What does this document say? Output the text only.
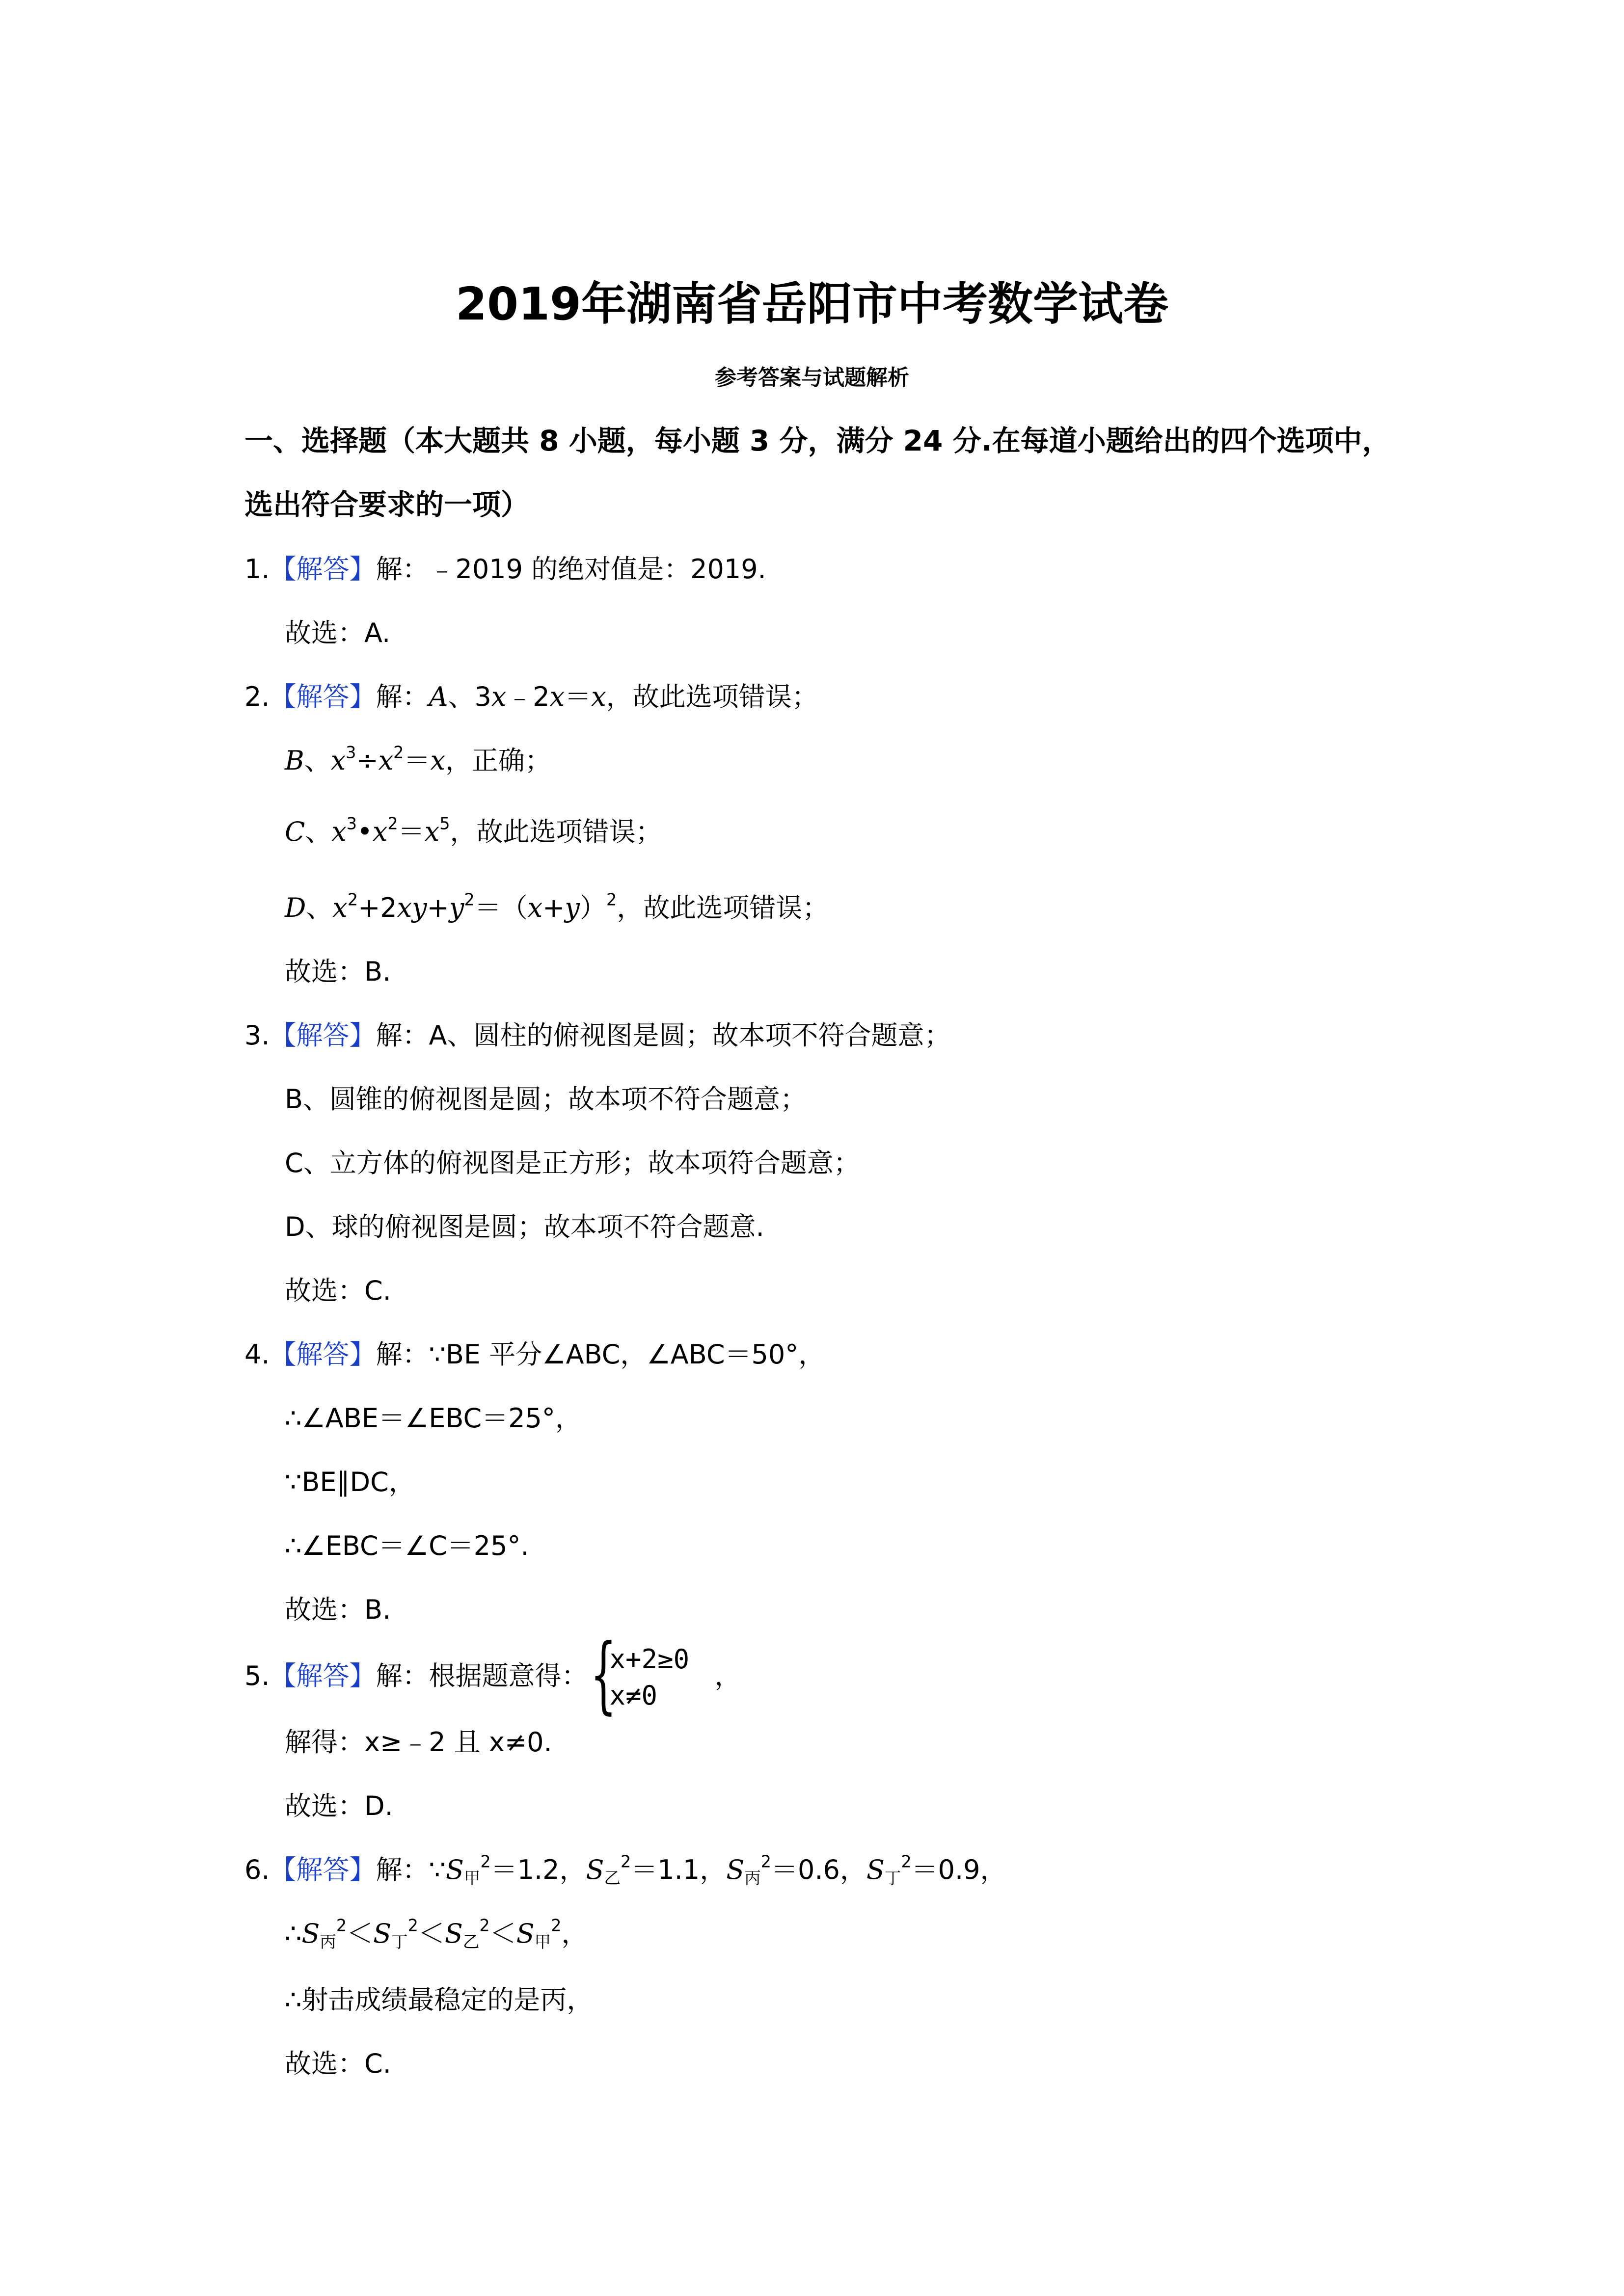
2019年湖南省岳阳市中考数学试卷
参考答案与试题解析
一、选择题（本大题共 8 小题，每小题 3 分，满分 24 分.在每道小题给出的四个选项中，
选出符合要求的一项）
1.【解答】解：﹣2019 的绝对值是：2019.
故选：A.
2.【解答】解：A、3x﹣2x＝x，故此选项错误；
B、$x^3\div x^2=x$，正确；
C、$x^3•x^2=x^5$，故此选项错误；
D、$x^2+2xy+y^2=(x+y)^2$，故此选项错误；
故选：B.
3.【解答】解：A、圆柱的俯视图是圆；故本项不符合题意；
B、圆锥的俯视图是圆；故本项不符合题意；
C、立方体的俯视图是正方形；故本项符合题意；
D、球的俯视图是圆；故本项不符合题意.
故选：C.
4.【解答】解：∵BE 平分∠ABC，∠ABC＝50°，
∴∠ABE＝∠EBC＝25°，
∵BE∥DC，
∴∠EBC＝∠C＝25°.
故选：B.
5.【解答】解：根据题意得： {
x+2≥0
x≠0
，
解得：x≥﹣2 且 x≠0.
故选：D.
6.【解答】解：$\because S_甲^2=1.2$，$S_乙^2=1.1$，$S_丙^2=0.6$，$S_丁^2=0.9$，
$\therefore S_丙^2<S_丁^2<S_乙^2<S_甲^2$，
∴射击成绩最稳定的是丙，
故选：C.
